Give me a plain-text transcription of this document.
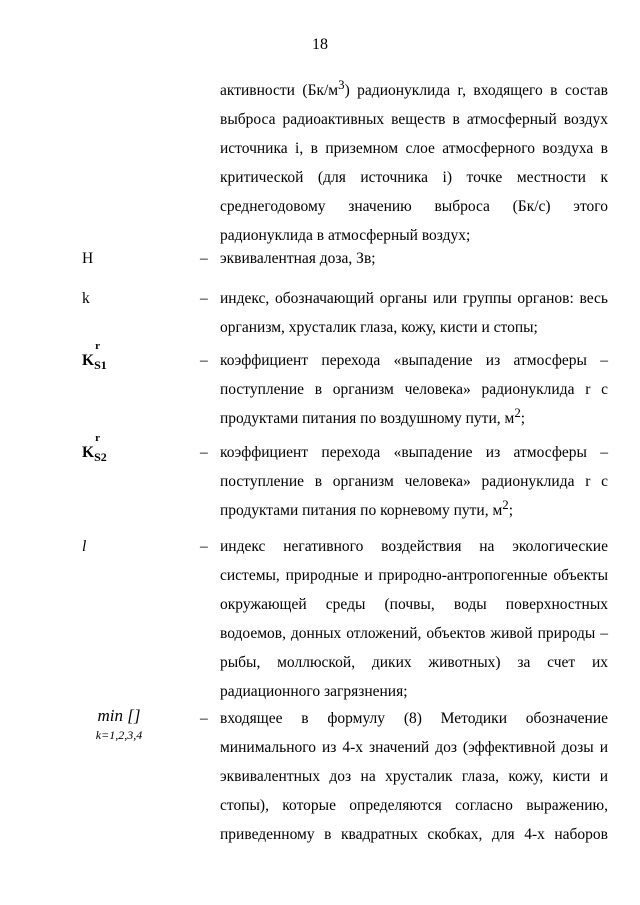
18
активности $(Бк/м^3)$ радионуклида r, входящего в состав
выброса радиоактивных веществ в атмосферный воздух
источника i, в приземном слое атмосферного воздуха в
критической (для источника i) точке местности к
среднегодовому значению выброса (Бк/с) этого
радионуклида в атмосферный воздух;
H	– эквивалентная доза, Зв;
k	– индекс, обозначающий органы или группы органов: весь
организм, хрусталик глаза, кожу, кисти и стопы;
K
$_{r S1}$	– коэффициент перехода «выпадение из атмосферы –
поступление в организм человека» радионуклида r с
продуктами питания по воздушному пути, $м^2$;
K
$_{r S2}$	– коэффициент перехода «выпадение из атмосферы –
поступление в организм человека» радионуклида r с
продуктами питания по корневому пути, $м^2$;
l	– индекс негативного воздействия на экологические
системы, природные и природно-антропогенные объекты
окружающей среды (почвы, воды поверхностных
водоемов, донных отложений, объектов живой природы –
рыбы, моллюской, диких животных) за счет их
радиационного загрязнения;
min []
k=1,2,3,4
– входящее в формулу (8) Методики обозначение
минимального из 4-х значений доз (эффективной дозы и
эквивалентных доз на хрусталик глаза, кожу, кисти и
стопы), которые определяются согласно выражению,
приведенному в квадратных скобках, для 4-х наборов
